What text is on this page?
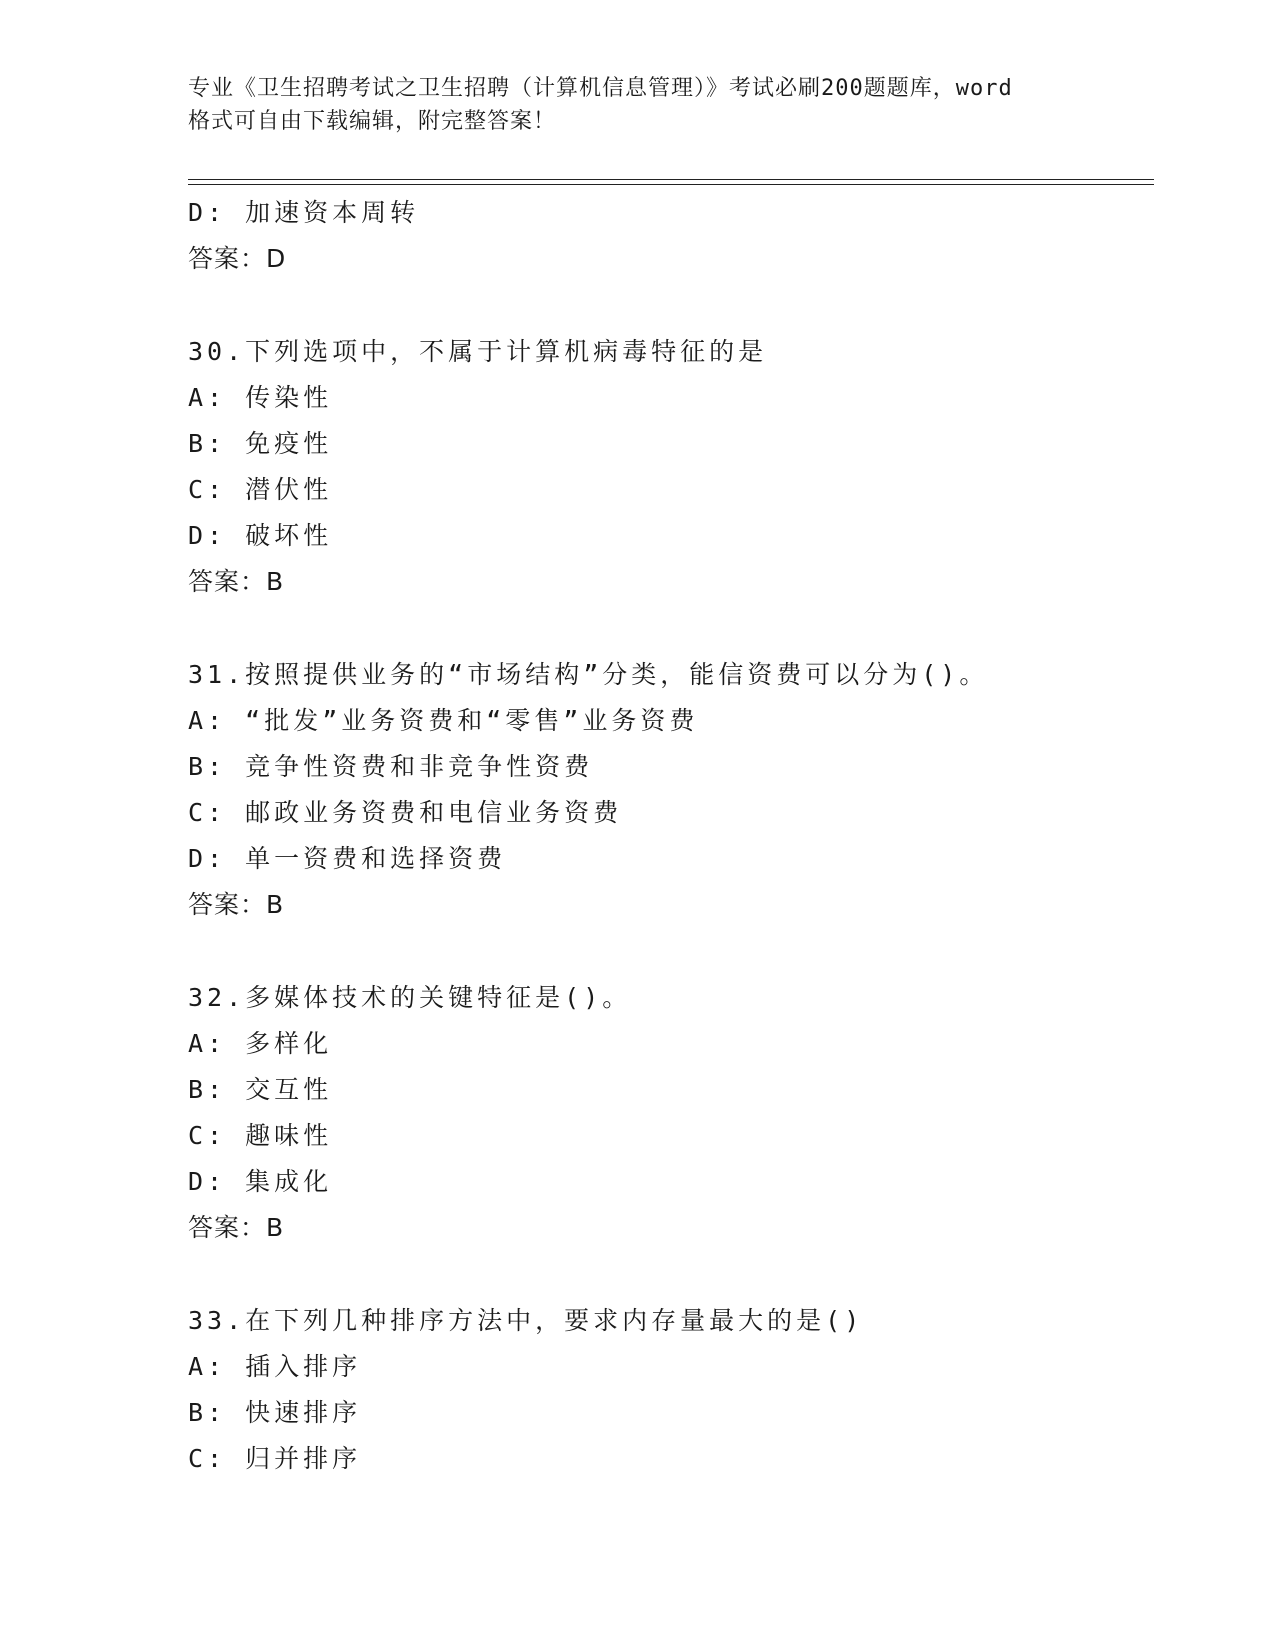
专业《卫生招聘考试之卫生招聘（计算机信息管理）》考试必刷200题题库，word
格式可自由下载编辑，附完整答案！
D: 加速资本周转
答案：D
30.下列选项中，不属于计算机病毒特征的是
A: 传染性
B: 免疫性
C: 潜伏性
D: 破坏性
答案：B
31.按照提供业务的“市场结构”分类，能信资费可以分为()。
A: “批发”业务资费和“零售”业务资费
B: 竞争性资费和非竞争性资费
C: 邮政业务资费和电信业务资费
D: 单一资费和选择资费
答案：B
32.多媒体技术的关键特征是()。
A: 多样化
B: 交互性
C: 趣味性
D: 集成化
答案：B
33.在下列几种排序方法中，要求内存量最大的是()
A: 插入排序
B: 快速排序
C: 归并排序
